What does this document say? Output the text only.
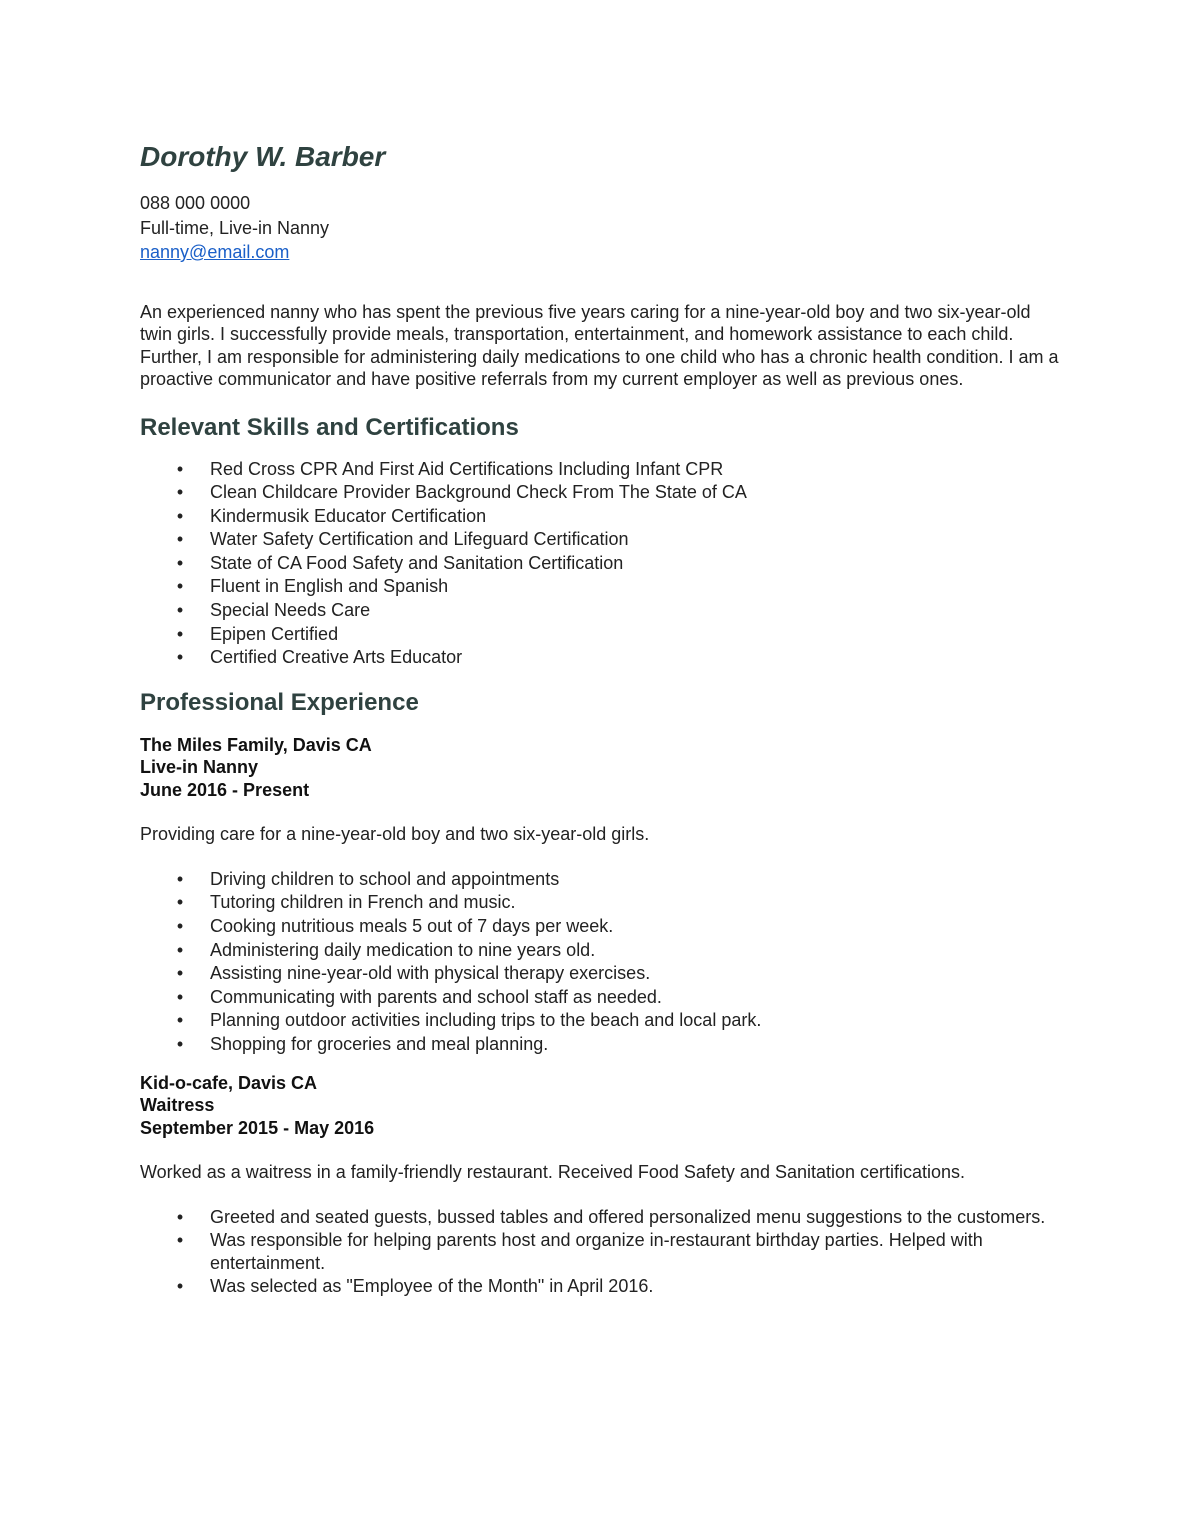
Dorothy W. Barber
088 000 0000
Full-time, Live-in Nanny
nanny@email.com

An experienced nanny who has spent the previous five years caring for a nine-year-old boy and two six-year-old twin girls. I successfully provide meals, transportation, entertainment, and homework assistance to each child. Further, I am responsible for administering daily medications to one child who has a chronic health condition. I am a proactive communicator and have positive referrals from my current employer as well as previous ones.

Relevant Skills and Certifications
• Red Cross CPR And First Aid Certifications Including Infant CPR
• Clean Childcare Provider Background Check From The State of CA
• Kindermusik Educator Certification
• Water Safety Certification and Lifeguard Certification
• State of CA Food Safety and Sanitation Certification
• Fluent in English and Spanish
• Special Needs Care
• Epipen Certified
• Certified Creative Arts Educator
Professional Experience
The Miles Family, Davis CA
Live-in Nanny
June 2016 - Present
Providing care for a nine-year-old boy and two six-year-old girls.
• Driving children to school and appointments
• Tutoring children in French and music.
• Cooking nutritious meals 5 out of 7 days per week.
• Administering daily medication to nine years old.
• Assisting nine-year-old with physical therapy exercises.
• Communicating with parents and school staff as needed.
• Planning outdoor activities including trips to the beach and local park.
• Shopping for groceries and meal planning.
Kid-o-cafe, Davis CA
Waitress
September 2015 - May 2016
Worked as a waitress in a family-friendly restaurant. Received Food Safety and Sanitation certifications.
• Greeted and seated guests, bussed tables and offered personalized menu suggestions to the customers.
• Was responsible for helping parents host and organize in-restaurant birthday parties. Helped with entertainment.
• Was selected as "Employee of the Month" in April 2016.
